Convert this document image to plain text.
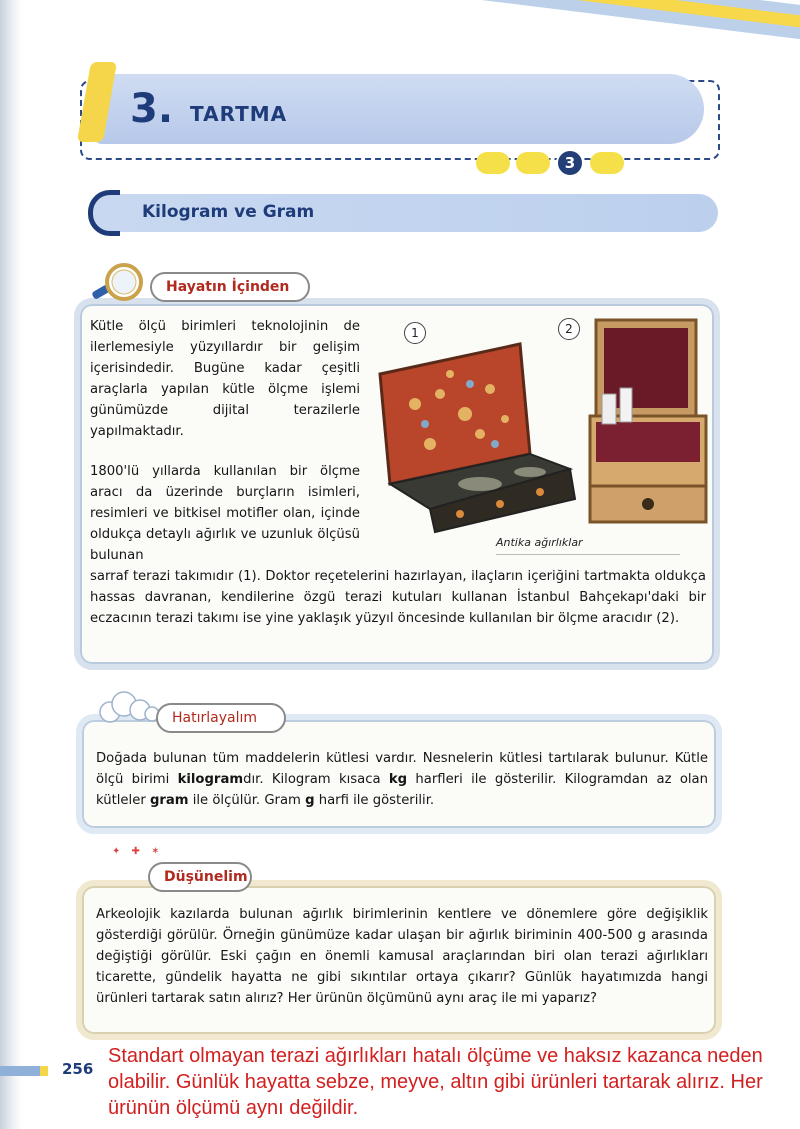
3. TARTMA
3
Kilogram ve Gram
Hayatın İçinden

Kütle ölçü birimleri teknolojinin de ilerlemesiyle yüzyıllardır bir gelişim içerisindedir. Bugüne kadar çeşitli araçlarla yapılan kütle ölçme işlemi günümüzde dijital terazilerle yapılmaktadır.

1800'lü yıllarda kullanılan bir ölçme aracı da üzerinde burçların isimleri, resimleri ve bitkisel motifler olan, içinde oldukça detaylı ağırlık ve uzunluk ölçüsü bulunan

sarraf terazi takımıdır (1). Doktor reçetelerini hazırlayan, ilaçların içeriğini tartmakta oldukça hassas davranan, kendilerine özgü terazi kutuları kullanan İstanbul Bahçekapı'daki bir eczacının terazi takımı ise yine yaklaşık yüzyıl öncesinde kullanılan bir ölçme aracıdır (2).

1	2
Antika ağırlıklar
Hatırlayalım

Doğada bulunan tüm maddelerin kütlesi vardır. Nesnelerin kütlesi tartılarak bulunur. Kütle ölçü birimi kilogramdır. Kilogram kısaca kg harfleri ile gösterilir. Kilogramdan az olan kütleler gram ile ölçülür. Gram g harfi ile gösterilir.

✦ ✚ ✶
Düşünelim

Arkeolojik kazılarda bulunan ağırlık birimlerinin kentlere ve dönemlere göre değişiklik gösterdiği görülür. Örneğin günümüze kadar ulaşan bir ağırlık biriminin 400-500 g arasında değiştiği görülür. Eski çağın en önemli kamusal araçlarından biri olan terazi ağırlıkları ticarette, gündelik hayatta ne gibi sıkıntılar ortaya çıkarır? Günlük hayatımızda hangi ürünleri tartarak satın alırız? Her ürünün ölçümünü aynı araç ile mi yaparız?

256
Standart olmayan terazi ağırlıkları hatalı ölçüme ve haksız kazanca neden olabilir. Günlük hayatta sebze, meyve, altın gibi ürünleri tartarak alırız. Her ürünün ölçümü aynı değildir.
